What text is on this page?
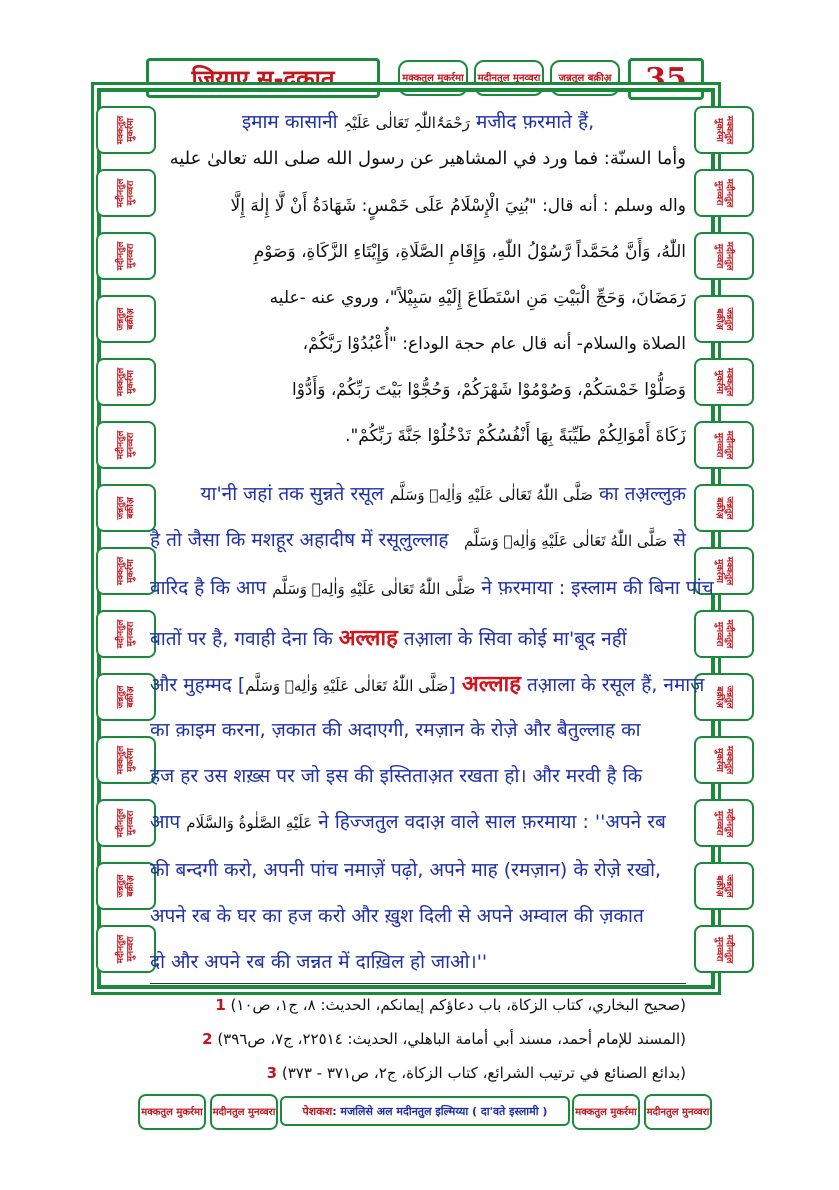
जियाए स-दक़ात	मक्कतुल मुकर्रमा	मदीनतुल मुनव्वरा	जन्नतुल बक़ीअ़	35
मक्कतुल मुकर्रमा
मदीनतुल मुनव्वरा
मदीनतुल मुनव्वरा
जन्नतुल बक़ीअ़
मक्कतुल मुकर्रमा
मदीनतुल मुनव्वरा
जन्नतुल बक़ीअ़
मक्कतुल मुकर्रमा
मदीनतुल मुनव्वरा
जन्नतुल बक़ीअ़
मक्कतुल मुकर्रमा
मदीनतुल मुनव्वरा
जन्नतुल बक़ीअ़
मदीनतुल मुनव्वरा
मक्कतुल मुकर्रमा
मदीनतुल मुनव्वरा
मदीनतुल मुनव्वरा
जन्नतुल बक़ीअ़
मक्कतुल मुकर्रमा
मदीनतुल मुनव्वरा
जन्नतुल बक़ीअ़
मक्कतुल मुकर्रमा
मदीनतुल मुनव्वरा
जन्नतुल बक़ीअ़
मक्कतुल मुकर्रमा
मदीनतुल मुनव्वरा
जन्नतुल बक़ीअ़
मदीनतुल मुनव्वरा
इमाम कासानी رَحْمَۃُاللّٰہِ تَعَالٰی عَلَیْہِ मजीद फ़रमाते हैं,
وأما السنّة: فما ورد في المشاهير عن رسول الله صلى الله تعالىٰ عليه
واله وسلم : أنه قال: "بُنِيَ الْإِسْلَامُ عَلَى خَمْسٍ: شَهَادَةُ أَنْ لَّا إِلٰهَ إِلَّا
اللّٰهُ، وَأَنَّ مُحَمَّداً رَّسُوْلُ اللّٰهِ، وَإِقَامِ الصَّلَاةِ، وَإِيْتَاءِ الزَّكَاةِ، وَصَوْمِ
رَمَضَانَ، وَحَجِّ الْبَيْتِ مَنِ اسْتَطَاعَ إِلَيْهِ سَبِيْلاً"، وروي عنه -عليه
الصلاة والسلام- أنه قال عام حجة الوداع: "أُعْبُدُوْا رَبَّكُمْ،
وَصَلُّوْا خَمْسَكُمْ، وَصُوْمُوْا شَهْرَكُمْ، وَحُجُّوْا بَيْتَ رَبِّكُمْ، وَأَدُّوْا
زَكَاةَ أَمْوَالِكُمْ طَيِّبَةً بِهَا أَنْفُسُكُمْ تَدْخُلُوْا جَنَّةَ رَبِّكُمْ".
या'नी जहां तक सुन्नते रसूल صَلَّى اللّٰهُ تَعَالٰى عَلَيْهِ وَاٰلِهٖ وَسَلَّم का तअ़ल्लुक़
है तो जैसा कि मशहूर अहादीष में रसूलुल्लाह صَلَّى اللّٰهُ تَعَالٰى عَلَيْهِ وَاٰلِهٖ وَسَلَّم से
वारिद है कि आप صَلَّى اللّٰهُ تَعَالٰى عَلَيْهِ وَاٰلِهٖ وَسَلَّم ने फ़रमाया : इस्लाम की बिना पांच
बातों पर है, गवाही देना कि अल्लाह तआ़ला के सिवा कोई मा'बूद नहीं
और मुहम्मद [صَلَّى اللّٰهُ تَعَالٰى عَلَيْهِ وَاٰلِهٖ وَسَلَّم] अल्लाह तआ़ला के रसूल हैं, नमाज़
का क़ाइम करना, ज़कात की अदाएगी, रमज़ान के रोज़े और बैतुल्लाह का
हज हर उस शख़्स पर जो इस की इस्तिताअ़त रखता हो। और मरवी है कि
आप عَلَيْهِ الصَّلٰوةُ وَالسَّلَام ने हिज्जतुल वदाअ़ वाले साल फ़रमाया : ''अपने रब
की बन्दगी करो, अपनी पांच नमाज़ें पढ़ो, अपने माह (रमज़ान) के रोज़े रखो,
अपने रब के घर का हज करो और ख़ुश दिली से अपने अम्वाल की ज़कात
दो और अपने रब की जन्नत में दाख़िल हो जाओ।''
(صحيح البخاري، كتاب الزكاة، باب دعاؤكم إيمانكم، الحديث: ٨، ج١، ص١٠) 1
(المسند للإمام أحمد، مسند أبي أمامة الباهلي، الحديث: ٢٢٥١٤، ج٧، ص٣٩٦) 2
(بدائع الصنائع في ترتيب الشرائع، كتاب الزكاة، ج٢، ص٣٧١ - ٣٧٣) 3
मक्कतुल मुकर्रमा मदीनतुल मुनव्वरा पेशकश : मजलिसे अल मदीनतुल इल्मिय्या ( दा'वते इस्लामी )	मक्कतुल मुकर्रमा मदीनतुल मुनव्वरा
